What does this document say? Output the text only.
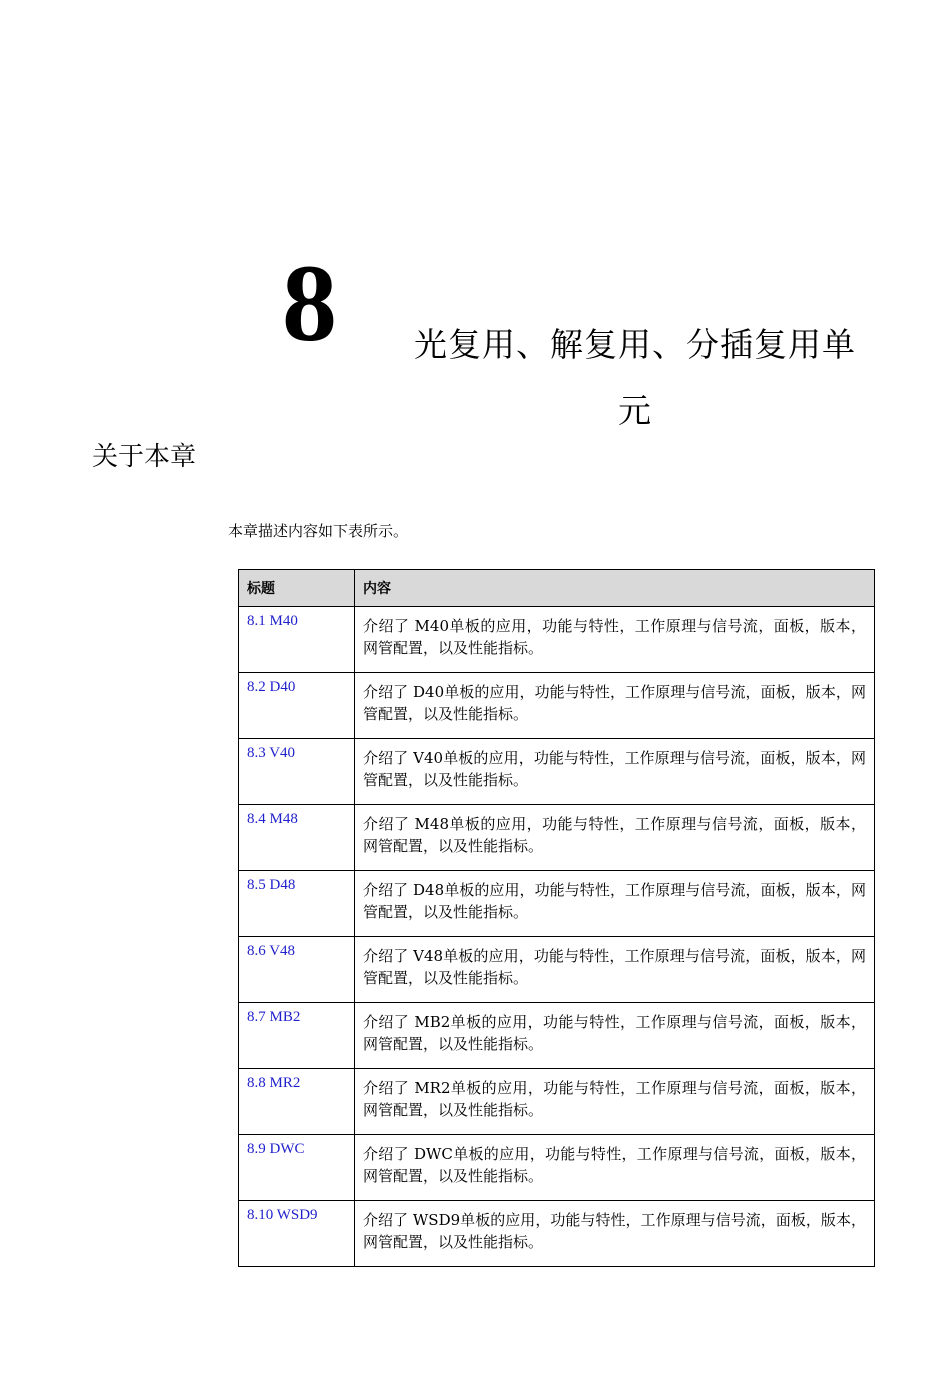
8	光复用、解复用、分插复用单元
关于本章
本章描述内容如下表所示。
标题	内容
8.1 M40	介绍了 M40单板的应用，功能与特性，工作原理与信号流，面板，版本，网管配置，以及性能指标。
8.2 D40	介绍了 D40单板的应用，功能与特性，工作原理与信号流，面板，版本，网管配置，以及性能指标。
8.3 V40	介绍了 V40单板的应用，功能与特性，工作原理与信号流，面板，版本，网管配置，以及性能指标。
8.4 M48	介绍了 M48单板的应用，功能与特性，工作原理与信号流，面板，版本，网管配置，以及性能指标。
8.5 D48	介绍了 D48单板的应用，功能与特性，工作原理与信号流，面板，版本，网管配置，以及性能指标。
8.6 V48	介绍了 V48单板的应用，功能与特性，工作原理与信号流，面板，版本，网管配置，以及性能指标。
8.7 MB2	介绍了 MB2单板的应用，功能与特性，工作原理与信号流，面板，版本，网管配置，以及性能指标。
8.8 MR2	介绍了 MR2单板的应用，功能与特性，工作原理与信号流，面板，版本，网管配置，以及性能指标。
8.9 DWC	介绍了 DWC单板的应用，功能与特性，工作原理与信号流，面板，版本，网管配置，以及性能指标。
8.10 WSD9	介绍了 WSD9单板的应用，功能与特性，工作原理与信号流，面板，版本，网管配置，以及性能指标。
